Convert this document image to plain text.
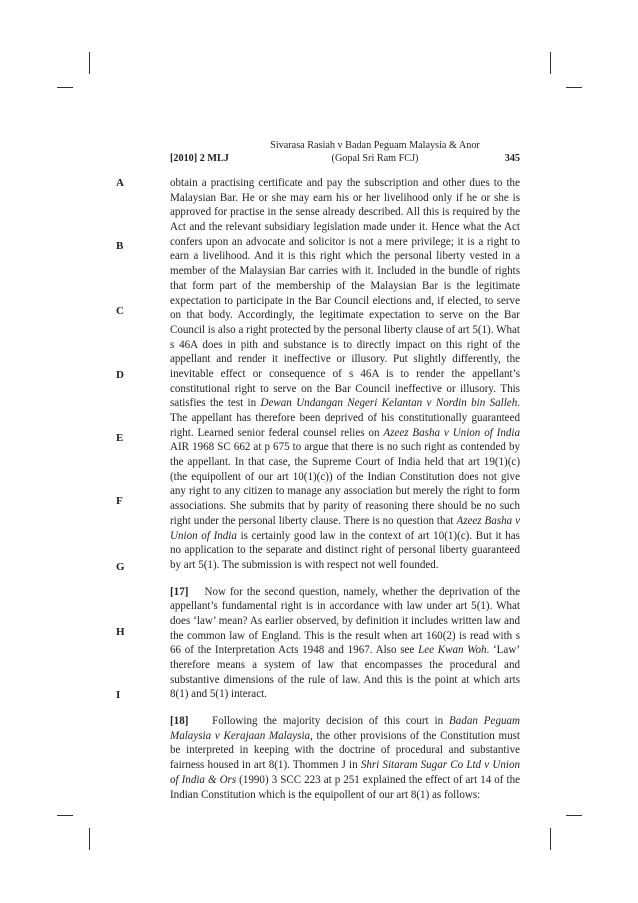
[2010] 2 MLJ
Sivarasa Rasiah v Badan Peguam Malaysia & Anor
(Gopal Sri Ram FCJ)	345
A
B
C
D
E
F
G
H
I

obtain a practising certificate and pay the subscription and other dues to the Malaysian Bar. He or she may earn his or her livelihood only if he or she is approved for practise in the sense already described. All this is required by the Act and the relevant subsidiary legislation made under it. Hence what the Act confers upon an advocate and solicitor is not a mere privilege; it is a right to earn a livelihood. And it is this right which the personal liberty vested in a member of the Malaysian Bar carries with it. Included in the bundle of rights that form part of the membership of the Malaysian Bar is the legitimate expectation to participate in the Bar Council elections and, if elected, to serve on that body. Accordingly, the legitimate expectation to serve on the Bar Council is also a right protected by the personal liberty clause of art 5(1). What s 46A does in pith and substance is to directly impact on this right of the appellant and render it ineffective or illusory. Put slightly differently, the inevitable effect or consequence of s 46A is to render the appellant’s constitutional right to serve on the Bar Council ineffective or illusory. This satisfies the test in Dewan Undangan Negeri Kelantan v Nordin bin Salleh. The appellant has therefore been deprived of his constitutionally guaranteed right. Learned senior federal counsel relies on Azeez Basha v Union of India AIR 1968 SC 662 at p 675 to argue that there is no such right as contended by the appellant. In that case, the Supreme Court of India held that art 19(1)(c) (the equipollent of our art 10(1)(c)) of the Indian Constitution does not give any right to any citizen to manage any association but merely the right to form associations. She submits that by parity of reasoning there should be no such right under the personal liberty clause. There is no question that Azeez Basha v Union of India is certainly good law in the context of art 10(1)(c). But it has no application to the separate and distinct right of personal liberty guaranteed by art 5(1). The submission is with respect not well founded.

[17] Now for the second question, namely, whether the deprivation of the appellant’s fundamental right is in accordance with law under art 5(1). What does ‘law’ mean? As earlier observed, by definition it includes written law and the common law of England. This is the result when art 160(2) is read with s 66 of the Interpretation Acts 1948 and 1967. Also see Lee Kwan Woh. ‘Law’ therefore means a system of law that encompasses the procedural and substantive dimensions of the rule of law. And this is the point at which arts 8(1) and 5(1) interact.

[18] Following the majority decision of this court in Badan Peguam Malaysia v Kerajaan Malaysia, the other provisions of the Constitution must be interpreted in keeping with the doctrine of procedural and substantive fairness housed in art 8(1). Thommen J in Shri Sitaram Sugar Co Ltd v Union of India & Ors (1990) 3 SCC 223 at p 251 explained the effect of art 14 of the Indian Constitution which is the equipollent of our art 8(1) as follows:
